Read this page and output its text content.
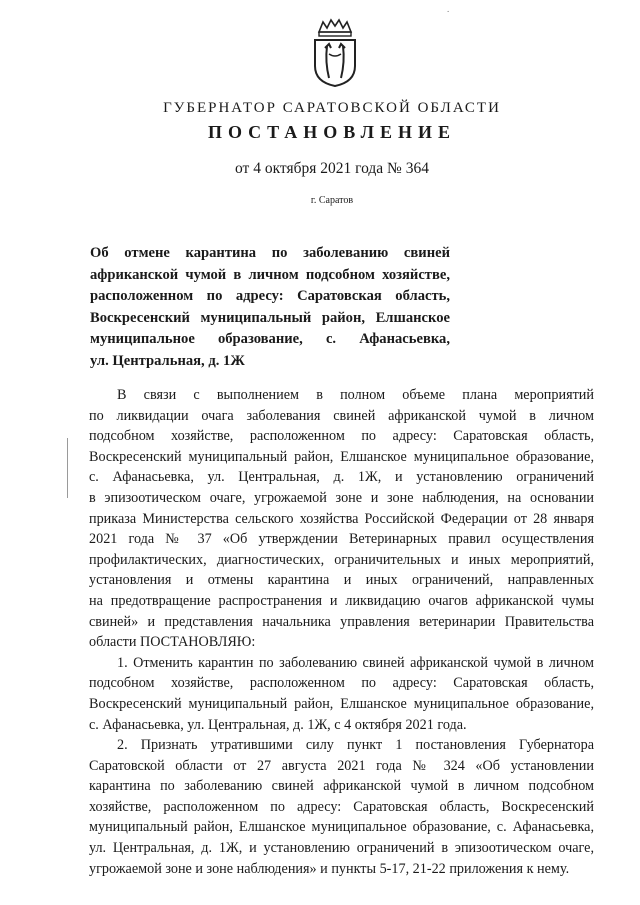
.
ГУБЕРНАТОР САРАТОВСКОЙ ОБЛАСТИ
ПОСТАНОВЛЕНИЕ
от 4 октября 2021 года № 364
г. Саратов
Об отмене карантина по заболеванию свиней
африканской чумой в личном подсобном хозяйстве,
расположенном по адресу: Саратовская область,
Воскресенский муниципальный район, Елшанское
муниципальное образование, с. Афанасьевка,
ул. Центральная, д. 1Ж
В связи с выполнением в полном объеме плана мероприятий
по ликвидации очага заболевания свиней африканской чумой в личном
подсобном хозяйстве, расположенном по адресу: Саратовская область,
Воскресенский муниципальный район, Елшанское муниципальное образование,
с. Афанасьевка, ул. Центральная, д. 1Ж, и установлению ограничений
в эпизоотическом очаге, угрожаемой зоне и зоне наблюдения, на основании
приказа Министерства сельского хозяйства Российской Федерации от 28 января
2021 года № 37 «Об утверждении Ветеринарных правил осуществления
профилактических, диагностических, ограничительных и иных мероприятий,
установления и отмены карантина и иных ограничений, направленных
на предотвращение распространения и ликвидацию очагов африканской чумы
свиней» и представления начальника управления ветеринарии Правительства
области ПОСТАНОВЛЯЮ:
1. Отменить карантин по заболеванию свиней африканской чумой в личном
подсобном хозяйстве, расположенном по адресу: Саратовская область,
Воскресенский муниципальный район, Елшанское муниципальное образование,
с. Афанасьевка, ул. Центральная, д. 1Ж, с 4 октября 2021 года.
2. Признать утратившими силу пункт 1 постановления Губернатора
Саратовской области от 27 августа 2021 года № 324 «Об установлении
карантина по заболеванию свиней африканской чумой в личном подсобном
хозяйстве, расположенном по адресу: Саратовская область, Воскресенский
муниципальный район, Елшанское муниципальное образование, с. Афанасьевка,
ул. Центральная, д. 1Ж, и установлению ограничений в эпизоотическом очаге,
угрожаемой зоне и зоне наблюдения» и пункты 5-17, 21-22 приложения к нему.
